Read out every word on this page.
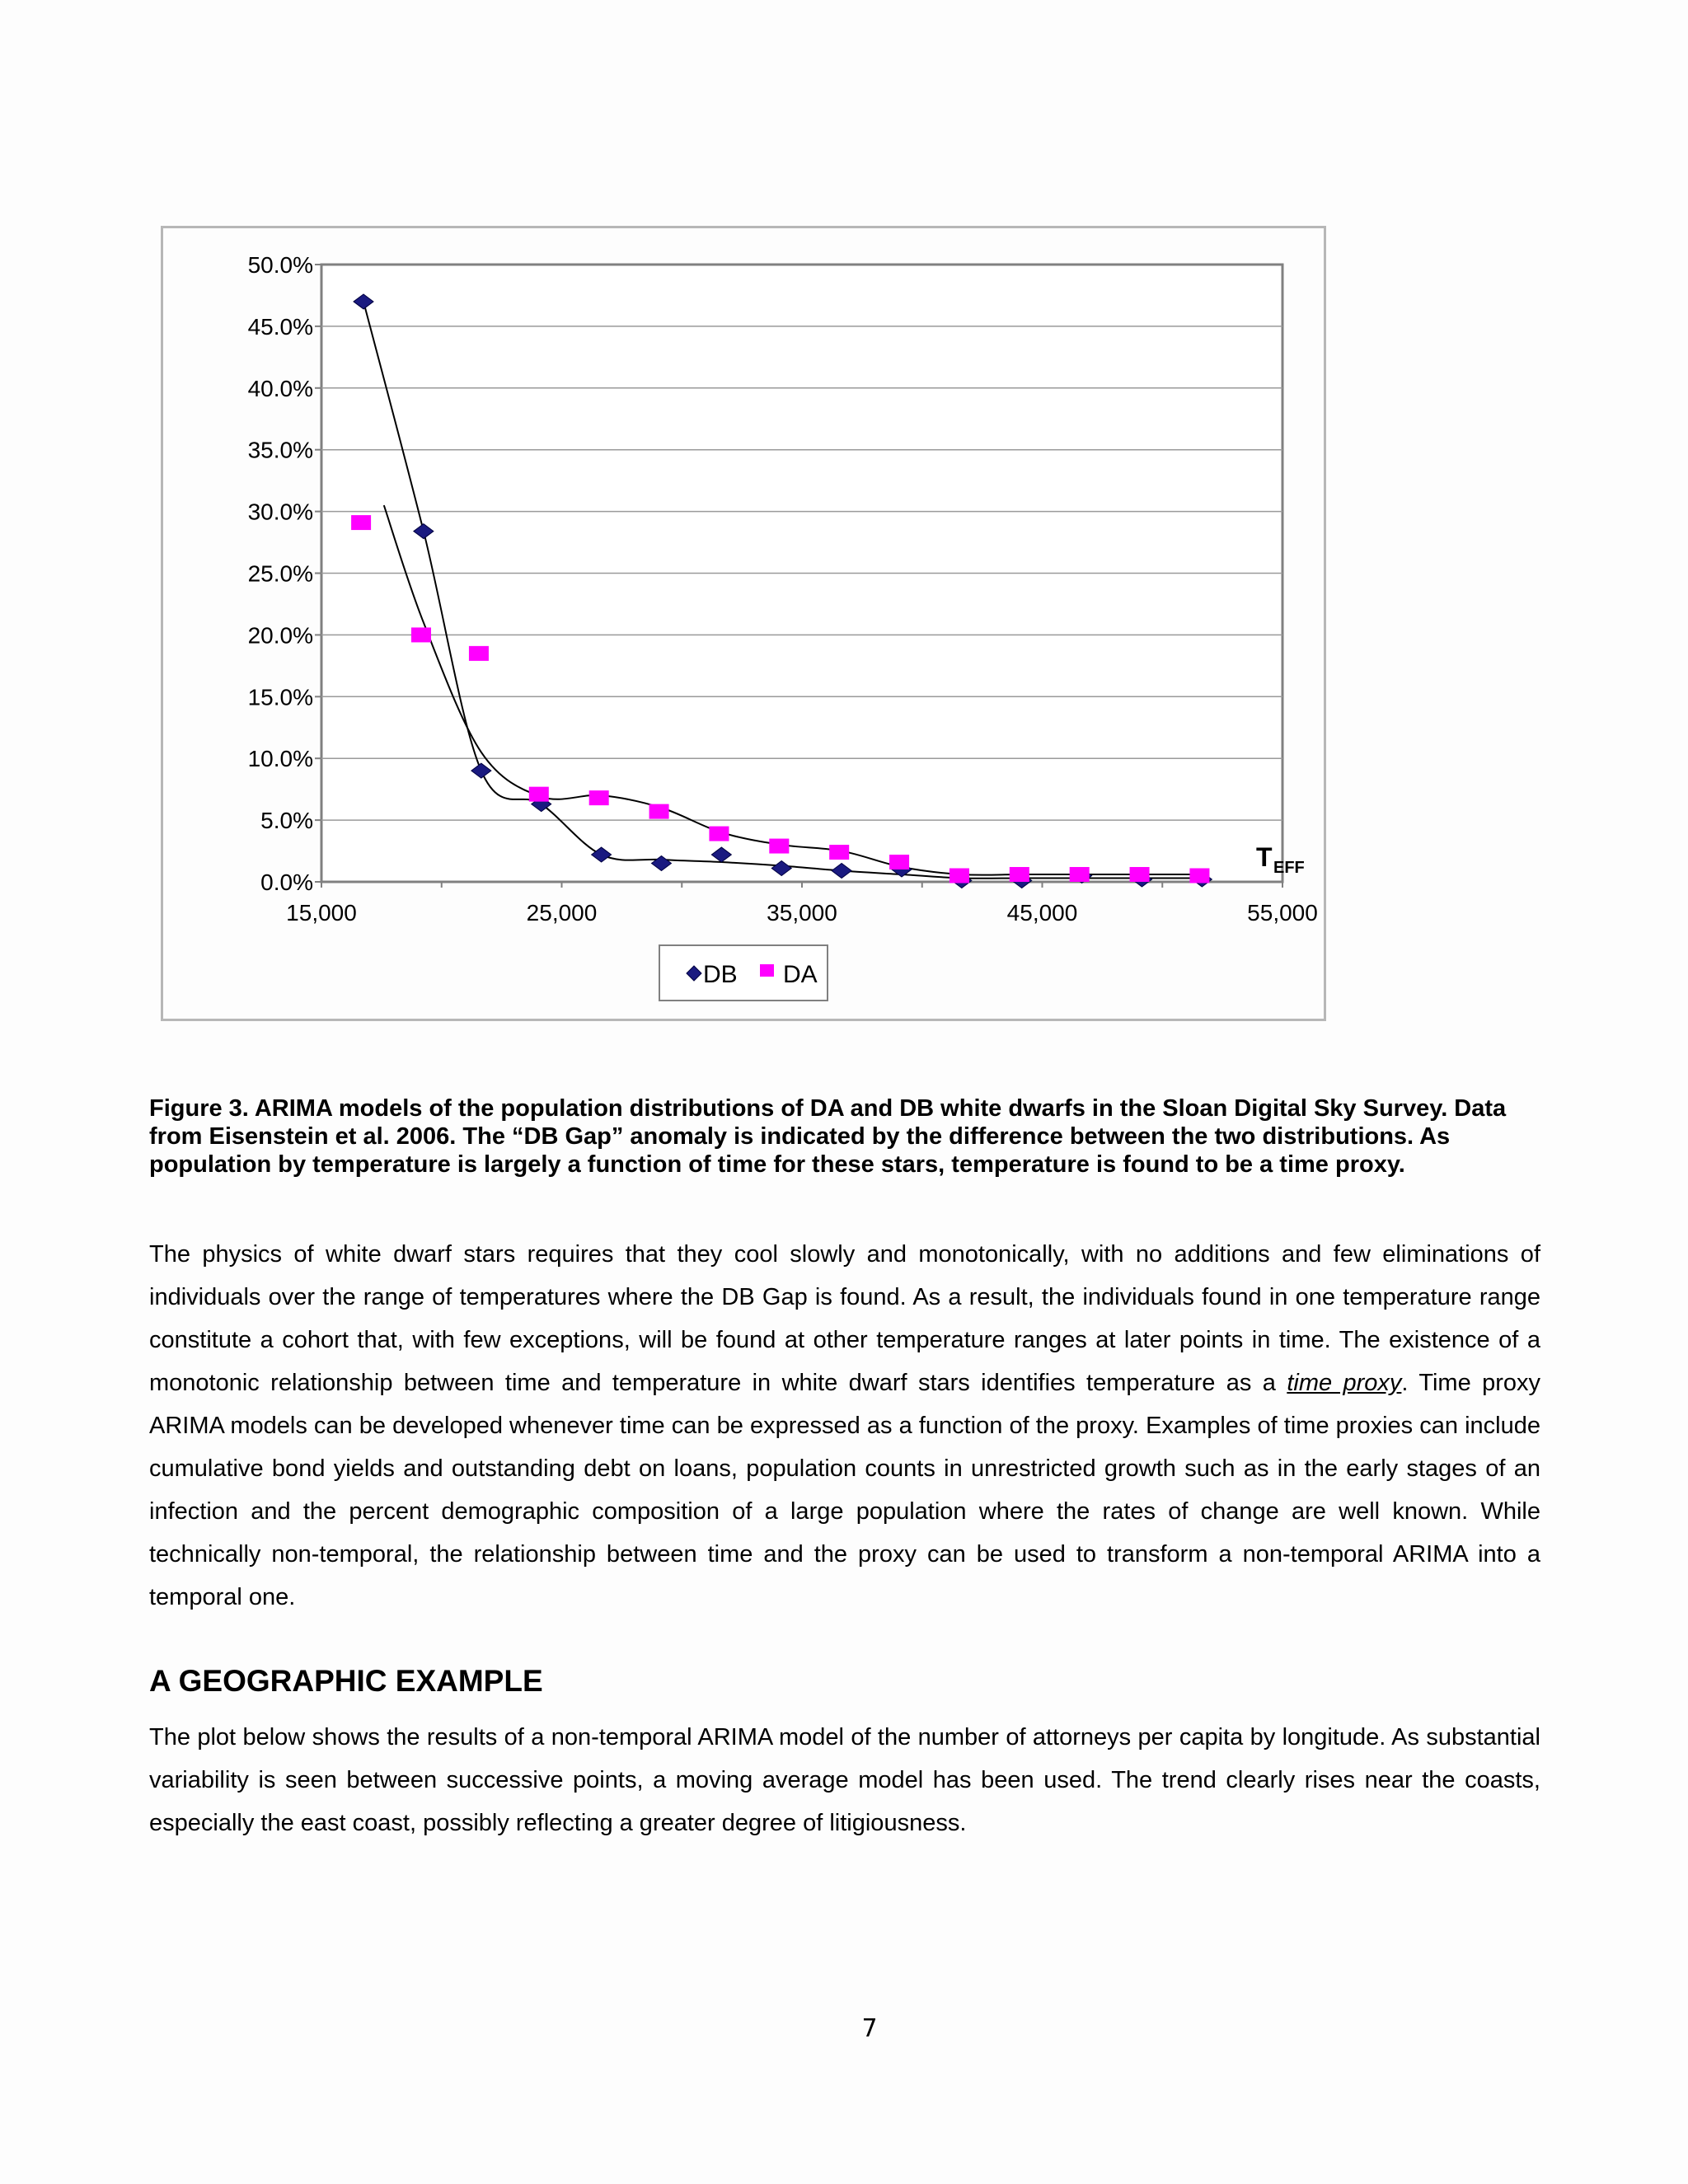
0.0%
5.0%
10.0%
15.0%
20.0%
25.0%
30.0%
35.0%
40.0%
45.0%
50.0%
15,000	25,000	35,000	45,000	55,000
T EFF
DB DA

Figure 3. ARIMA models of the population distributions of DA and DB white dwarfs in the Sloan Digital Sky Survey. Data from Eisenstein et al. 2006. The “DB Gap” anomaly is indicated by the difference between the two distributions. As population by temperature is largely a function of time for these stars, temperature is found to be a time proxy.

The physics of white dwarf stars requires that they cool slowly and monotonically, with no additions and few eliminations of individuals over the range of temperatures where the DB Gap is found. As a result, the individuals found in one temperature range constitute a cohort that, with few exceptions, will be found at other temperature ranges at later points in time. The existence of a monotonic relationship between time and temperature in white dwarf stars identifies temperature as a time proxy. Time proxy ARIMA models can be developed whenever time can be expressed as a function of the proxy. Examples of time proxies can include cumulative bond yields and outstanding debt on loans, population counts in unrestricted growth such as in the early stages of an infection and the percent demographic composition of a large population where the rates of change are well known. While technically non-temporal, the relationship between time and the proxy can be used to transform a non-temporal ARIMA into a temporal one.

A GEOGRAPHIC EXAMPLE

The plot below shows the results of a non-temporal ARIMA model of the number of attorneys per capita by longitude. As substantial variability is seen between successive points, a moving average model has been used. The trend clearly rises near the coasts, especially the east coast, possibly reflecting a greater degree of litigiousness.

7
